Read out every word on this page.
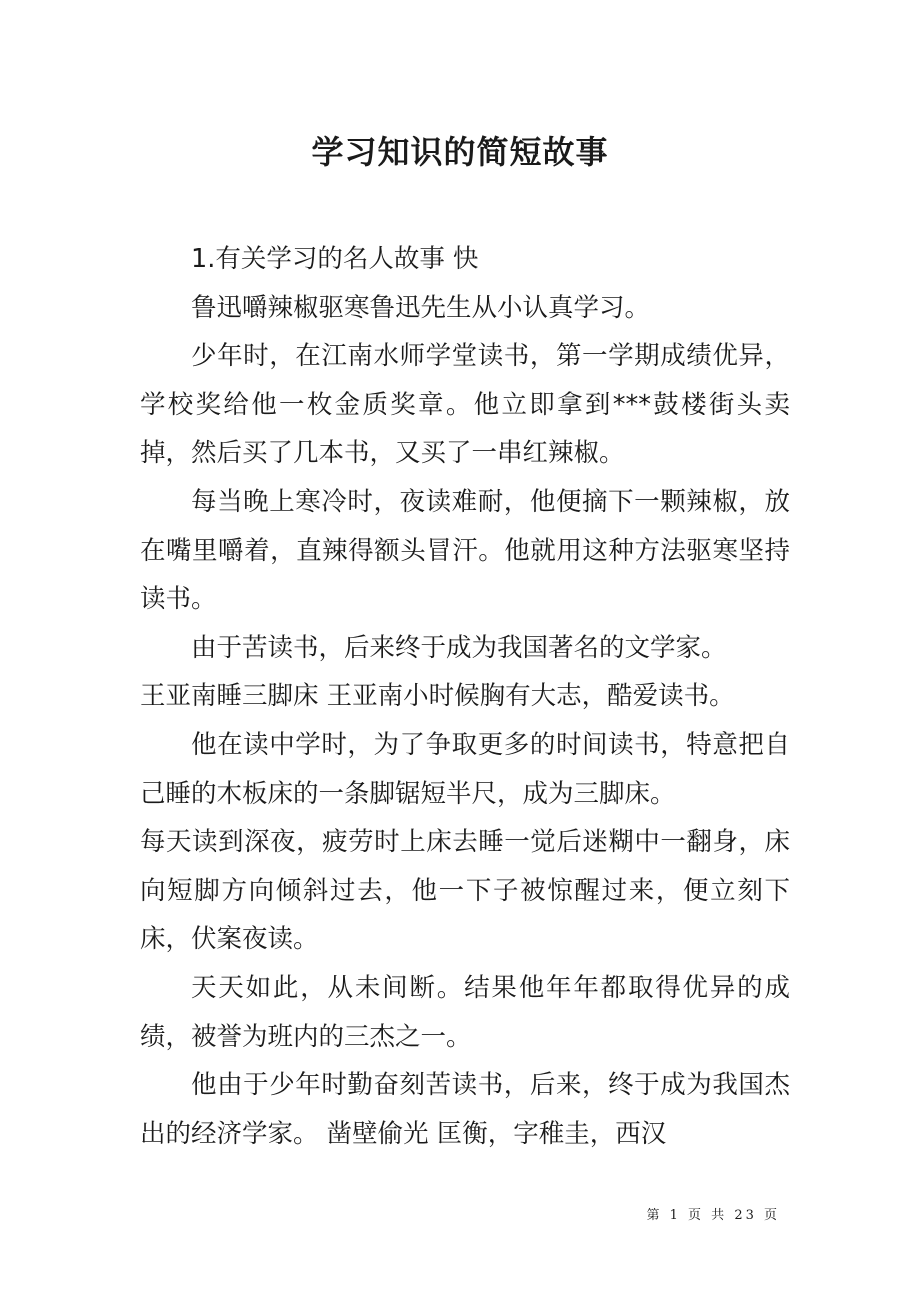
学习知识的简短故事

1.有关学习的名人故事 快

鲁迅嚼辣椒驱寒鲁迅先生从小认真学习。

少年时，在江南水师学堂读书，第一学期成绩优异，学校奖给他一枚金质奖章。他立即拿到***鼓楼街头卖掉，然后买了几本书，又买了一串红辣椒。

每当晚上寒冷时，夜读难耐，他便摘下一颗辣椒，放在嘴里嚼着，直辣得额头冒汗。他就用这种方法驱寒坚持读书。

由于苦读书，后来终于成为我国著名的文学家。

王亚南睡三脚床 王亚南小时候胸有大志，酷爱读书。

他在读中学时，为了争取更多的时间读书，特意把自己睡的木板床的一条脚锯短半尺，成为三脚床。

每天读到深夜，疲劳时上床去睡一觉后迷糊中一翻身，床向短脚方向倾斜过去，他一下子被惊醒过来，便立刻下床，伏案夜读。

天天如此，从未间断。结果他年年都取得优异的成绩，被誉为班内的三杰之一。

他由于少年时勤奋刻苦读书，后来，终于成为我国杰出的经济学家。 凿壁偷光 匡衡，字稚圭，西汉

第 1 页 共 23 页
